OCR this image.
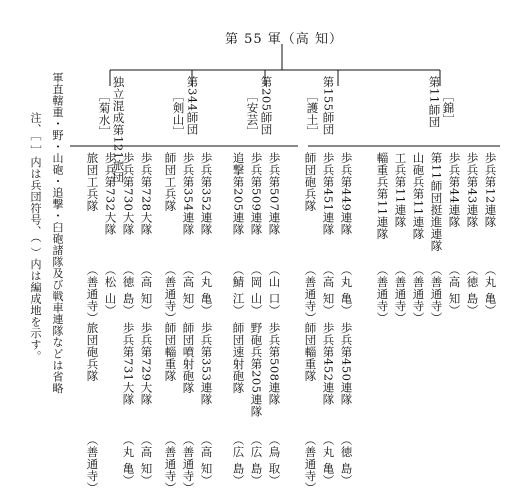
第 55 軍（高 知）
第11師団 ［錦］
歩兵第12連隊
（丸 亀）
歩兵第43連隊
（徳 島）
歩兵第44連隊
（高 知）
第11師団挺進連隊
（善通寺）
山砲兵第11連隊
（善通寺）
工兵第11連隊
（善通寺）
輜重兵第11連隊
（善通寺）
第155師団
［護土］
歩兵第449連隊
（丸 亀）
歩兵第451連隊
（高 知）
師団砲兵隊
（善通寺）
歩兵第450連隊
（徳 島）
歩兵第452連隊
（丸 亀）
師団輜重隊
（善通寺）
第205師団
［安芸］
歩兵第507連隊
（山 口）
歩兵第509連隊
（岡 山）
追撃第205連隊
（鯖 江）
歩兵第508連隊
（鳥 取）
野砲兵第205連隊
（広 島）
師団速射砲隊
（広 島）
第344師団
［剣山］
歩兵第352連隊
（丸 亀）
歩兵第354連隊
（高 知）
師団工兵隊
（善通寺）
歩兵第353連隊
（高 知）
師団噴射砲隊
（善通寺）
師団輜重隊
（善通寺）
独立混成第121旅団
［菊水］
歩兵第728大隊
（高 知）
歩兵第730大隊
（徳 島）
歩兵第732大隊
（松 山）
旅団工兵隊
（善通寺）
歩兵第729大隊
（高 知）
歩兵第731大隊
（丸 亀）
旅団砲兵隊
（善通寺）
軍直轄重・野・山砲・追撃・臼砲諸隊及び戦車連隊などは省略
注、［ ］内は兵団符号、（ ）内は編成地を示す。
